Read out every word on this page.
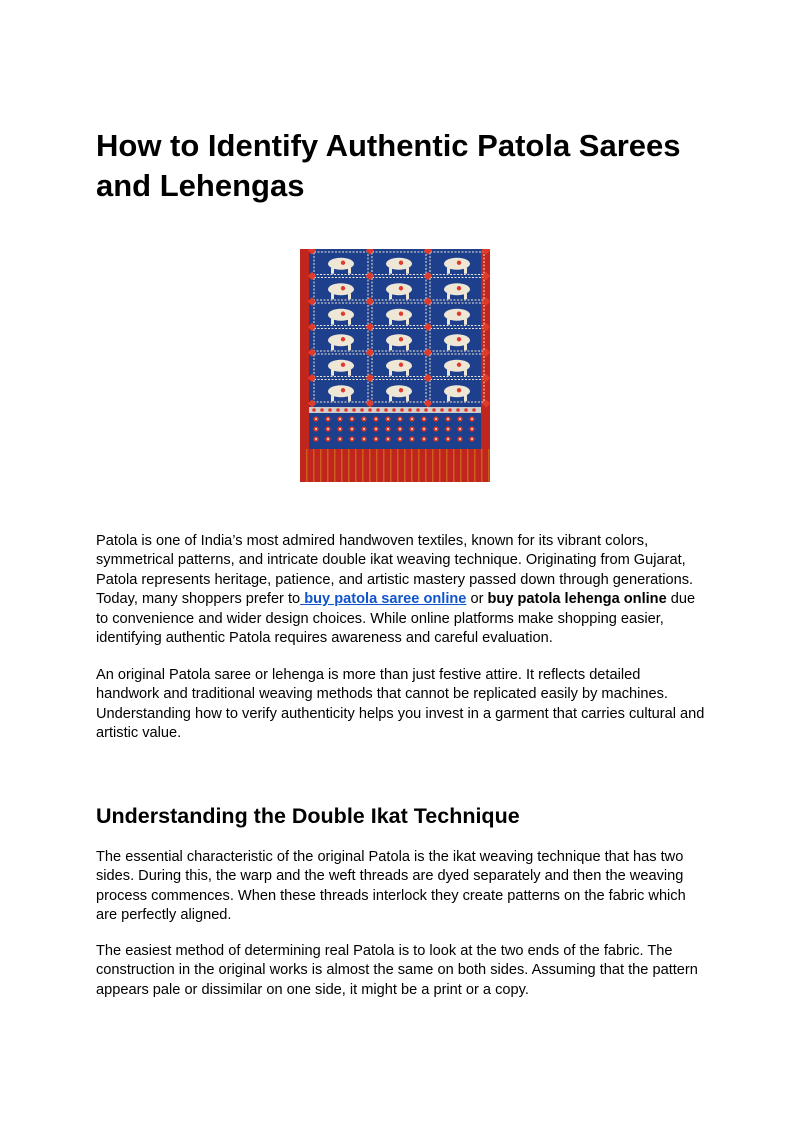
How to Identify Authentic Patola Sarees and Lehengas

Patola is one of India’s most admired handwoven textiles, known for its vibrant colors, symmetrical patterns, and intricate double ikat weaving technique. Originating from Gujarat, Patola represents heritage, patience, and artistic mastery passed down through generations. Today, many shoppers prefer to buy patola saree online or buy patola lehenga online due to convenience and wider design choices. While online platforms make shopping easier, identifying authentic Patola requires awareness and careful evaluation.

An original Patola saree or lehenga is more than just festive attire. It reflects detailed handwork and traditional weaving methods that cannot be replicated easily by machines. Understanding how to verify authenticity helps you invest in a garment that carries cultural and artistic value.

Understanding the Double Ikat Technique

The essential characteristic of the original Patola is the ikat weaving technique that has two sides. During this, the warp and the weft threads are dyed separately and then the weaving process commences. When these threads interlock they create patterns on the fabric which are perfectly aligned.

The easiest method of determining real Patola is to look at the two ends of the fabric. The construction in the original works is almost the same on both sides. Assuming that the pattern appears pale or dissimilar on one side, it might be a print or a copy.
